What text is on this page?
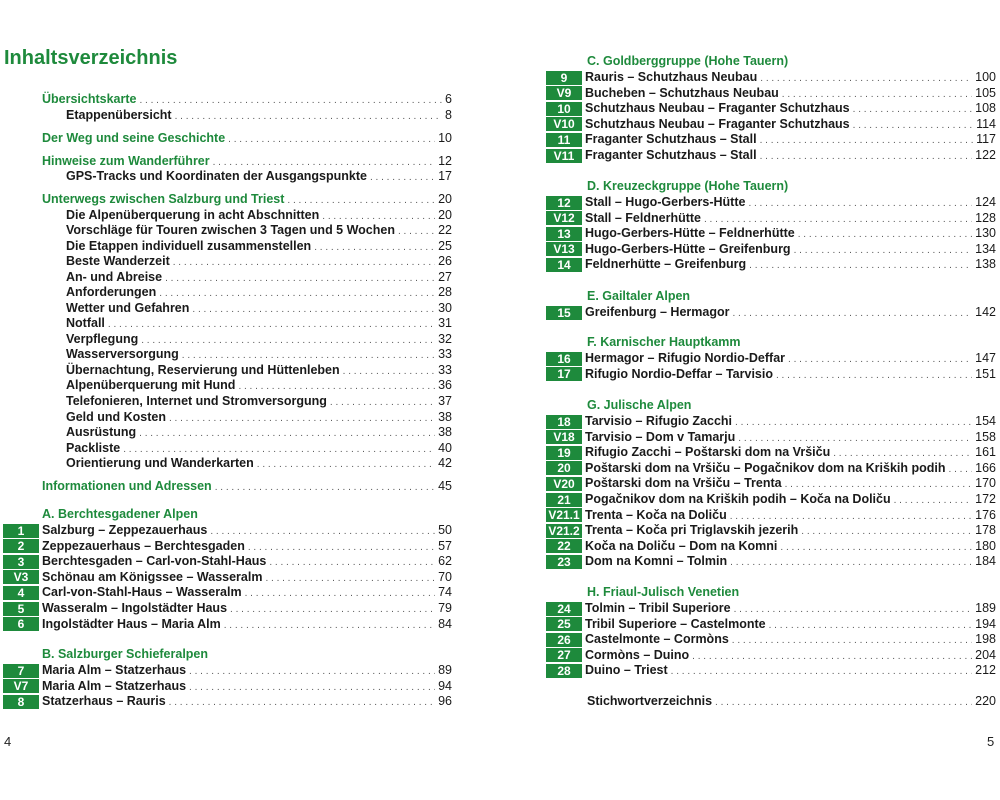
Inhaltsverzeichnis
Übersichtskarte . . .	6
Etappenübersicht . . .	8
Der Weg und seine Geschichte . . .	10
Hinweise zum Wanderführer . . .	12
GPS-Tracks und Koordinaten der Ausgangspunkte . . .	17
Unterwegs zwischen Salzburg und Triest . . .	20
Die Alpenüberquerung in acht Abschnitten . . .	20
Vorschläge für Touren zwischen 3 Tagen und 5 Wochen . . .	22
Die Etappen individuell zusammenstellen . . .	25
Beste Wanderzeit . . .	26
An- und Abreise . . .	27
Anforderungen . . .	28
Wetter und Gefahren . . .	30
Notfall . . .	31
Verpflegung . . .	32
Wasserversorgung . . .	33
Übernachtung, Reservierung und Hüttenleben . . .	33
Alpenüberquerung mit Hund . . .	36
Telefonieren, Internet und Stromversorgung . . .	37
Geld und Kosten . . .	38
Ausrüstung . . .	38
Packliste . . .	40
Orientierung und Wanderkarten . . .	42
Informationen und Adressen . . .	45
A. Berchtesgadener Alpen
1	Salzburg – Zeppezauerhaus . . .	50
2	Zeppezauerhaus – Berchtesgaden . . .	57
3	Berchtesgaden – Carl-von-Stahl-Haus . . .	62
V3	Schönau am Königssee – Wasseralm . . .	70
4	Carl-von-Stahl-Haus – Wasseralm . . .	74
5	Wasseralm – Ingolstädter Haus . . .	79
6	Ingolstädter Haus – Maria Alm . . .	84
B. Salzburger Schieferalpen
7	Maria Alm – Statzerhaus . . .	89
V7	Maria Alm – Statzerhaus . . .	94
8	Statzerhaus – Rauris . . .	96
C. Goldberggruppe (Hohe Tauern)
9	Rauris – Schutzhaus Neubau . . .	100
V9	Bucheben – Schutzhaus Neubau . . .	105
10	Schutzhaus Neubau – Fraganter Schutzhaus . . .	108
V10 Schutzhaus Neubau – Fraganter Schutzhaus . . .	114
11	Fraganter Schutzhaus – Stall . . .	117
V11 Fraganter Schutzhaus – Stall . . .	122
D. Kreuzeckgruppe (Hohe Tauern)
12	Stall – Hugo-Gerbers-Hütte . . .	124
V12 Stall – Feldnerhütte . . .	128
13	Hugo-Gerbers-Hütte – Feldnerhütte . . .	130
V13 Hugo-Gerbers-Hütte – Greifenburg . . .	134
14	Feldnerhütte – Greifenburg . . .	138
E. Gailtaler Alpen
15	Greifenburg – Hermagor . . .	142
F. Karnischer Hauptkamm
16	Hermagor – Rifugio Nordio-Deffar . . .	147
17	Rifugio Nordio-Deffar – Tarvisio . . .	151
G. Julische Alpen
18	Tarvisio – Rifugio Zacchi . . .	154
V18 Tarvisio – Dom v Tamarju . . .	158
19	Rifugio Zacchi – Poštarski dom na Vršiču . . .	161
20	Poštarski dom na Vršiču – Pogačnikov dom na Kriških podih . . . 166
V20 Poštarski dom na Vršiču – Trenta . . .	170
21	Pogačnikov dom na Kriških podih – Koča na Doliču . . .	172
V21.1 Trenta – Koča na Doliču . . .	176
V21.2 Trenta – Koča pri Triglavskih jezerih . . .	178
22	Koča na Doliču – Dom na Komni . . .	180
23	Dom na Komni – Tolmin . . .	184
H. Friaul-Julisch Venetien
24	Tolmin – Tribil Superiore . . .	189
25	Tribil Superiore – Castelmonte . . .	194
26	Castelmonte – Cormòns . . .	198
27	Cormòns – Duino . . .	204
28	Duino – Triest . . .	212
Stichwortverzeichnis . . .	220
4	5
